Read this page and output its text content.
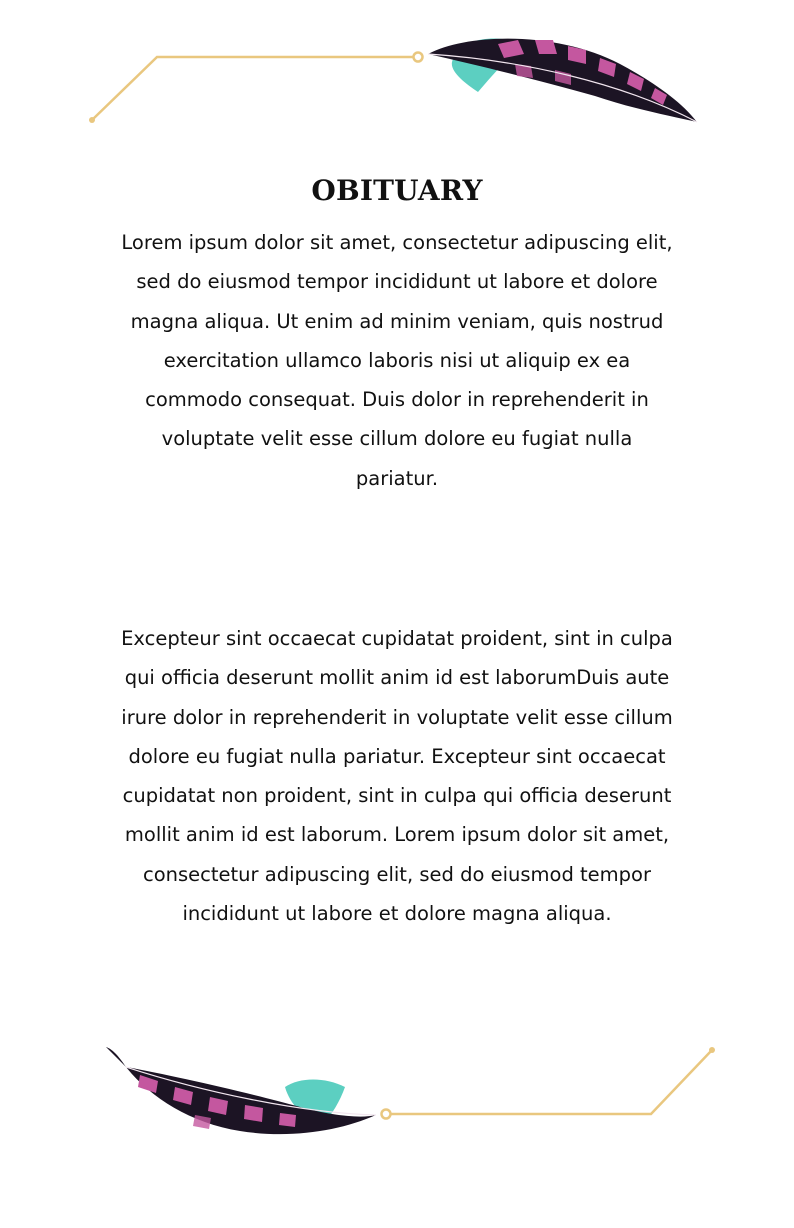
OBITUARY

Lorem ipsum dolor sit amet, consectetur adipuscing elit, sed do eiusmod tempor incididunt ut labore et dolore magna aliqua. Ut enim ad minim veniam, quis nostrud exercitation ullamco laboris nisi ut aliquip ex ea commodo consequat. Duis dolor in reprehenderit in voluptate velit esse cillum dolore eu fugiat nulla pariatur.

Excepteur sint occaecat cupidatat proident, sint in culpa qui officia deserunt mollit anim id est laborumDuis aute irure dolor in reprehenderit in voluptate velit esse cillum dolore eu fugiat nulla pariatur. Excepteur sint occaecat cupidatat non proident, sint in culpa qui officia deserunt mollit anim id est laborum. Lorem ipsum dolor sit amet, consectetur adipuscing elit, sed do eiusmod tempor incididunt ut labore et dolore magna aliqua.
